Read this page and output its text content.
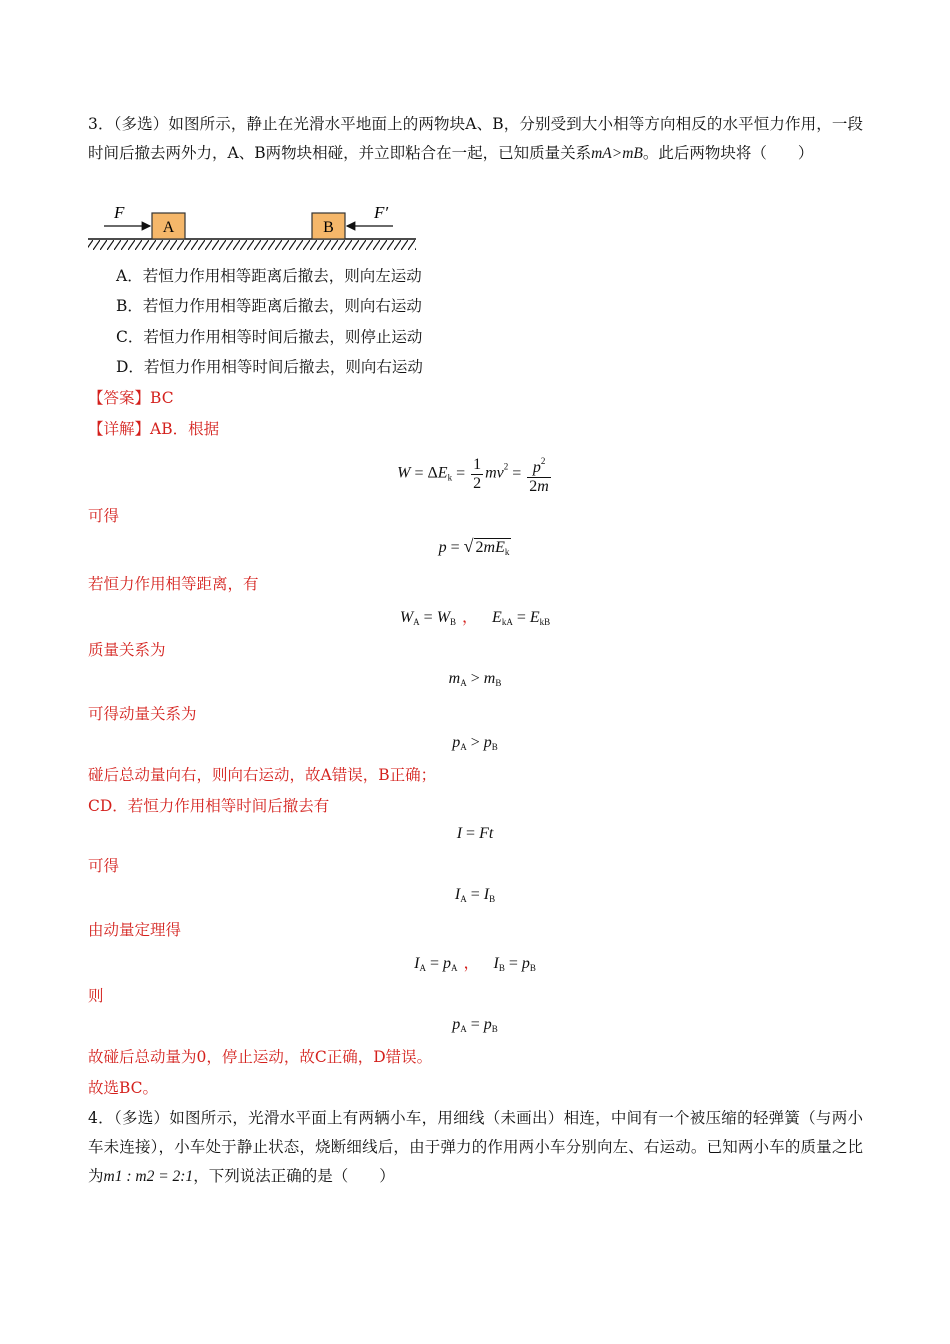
3．（多选）如图所示，静止在光滑水平地面上的两物块A、B，分别受到大小相等方向相反的水平恒力作用，一段时间后撤去两外力，A、B两物块相碰，并立即粘合在一起，已知质量关系mA>mB。此后两物块将（　　）
F
A	B
F′
A．若恒力作用相等距离后撤去，则向左运动
B．若恒力作用相等距离后撤去，则向右运动
C．若恒力作用相等时间后撤去，则停止运动
D．若恒力作用相等时间后撤去，则向右运动
【答案】BC
【详解】AB．根据
$W = \Delta E_k = \frac{1}{2} mv^2 = \frac{p^2}{2m}$
可得
p = √ $2mE_k$
若恒力作用相等距离，有
$W_A = W_B$ ， $E_{kA} = E_{kB}$
质量关系为
$m_A > m_B$
可得动量关系为
$p_A > p_B$
碰后总动量向右，则向右运动，故A错误，B正确；
CD．若恒力作用相等时间后撤去有
I = Ft
可得
$I_A = I_B$
由动量定理得
$I_A = p_A$ ， $I_B = p_B$
则
$p_A = p_B$
故碰后总动量为0，停止运动，故C正确，D错误。
故选BC。
4．（多选）如图所示，光滑水平面上有两辆小车，用细线（未画出）相连，中间有一个被压缩的轻弹簧（与两小车未连接），小车处于静止状态，烧断细线后，由于弹力的作用两小车分别向左、右运动。已知两小车的质量之比为m1 : m2 = 2:1，下列说法正确的是（　　）
